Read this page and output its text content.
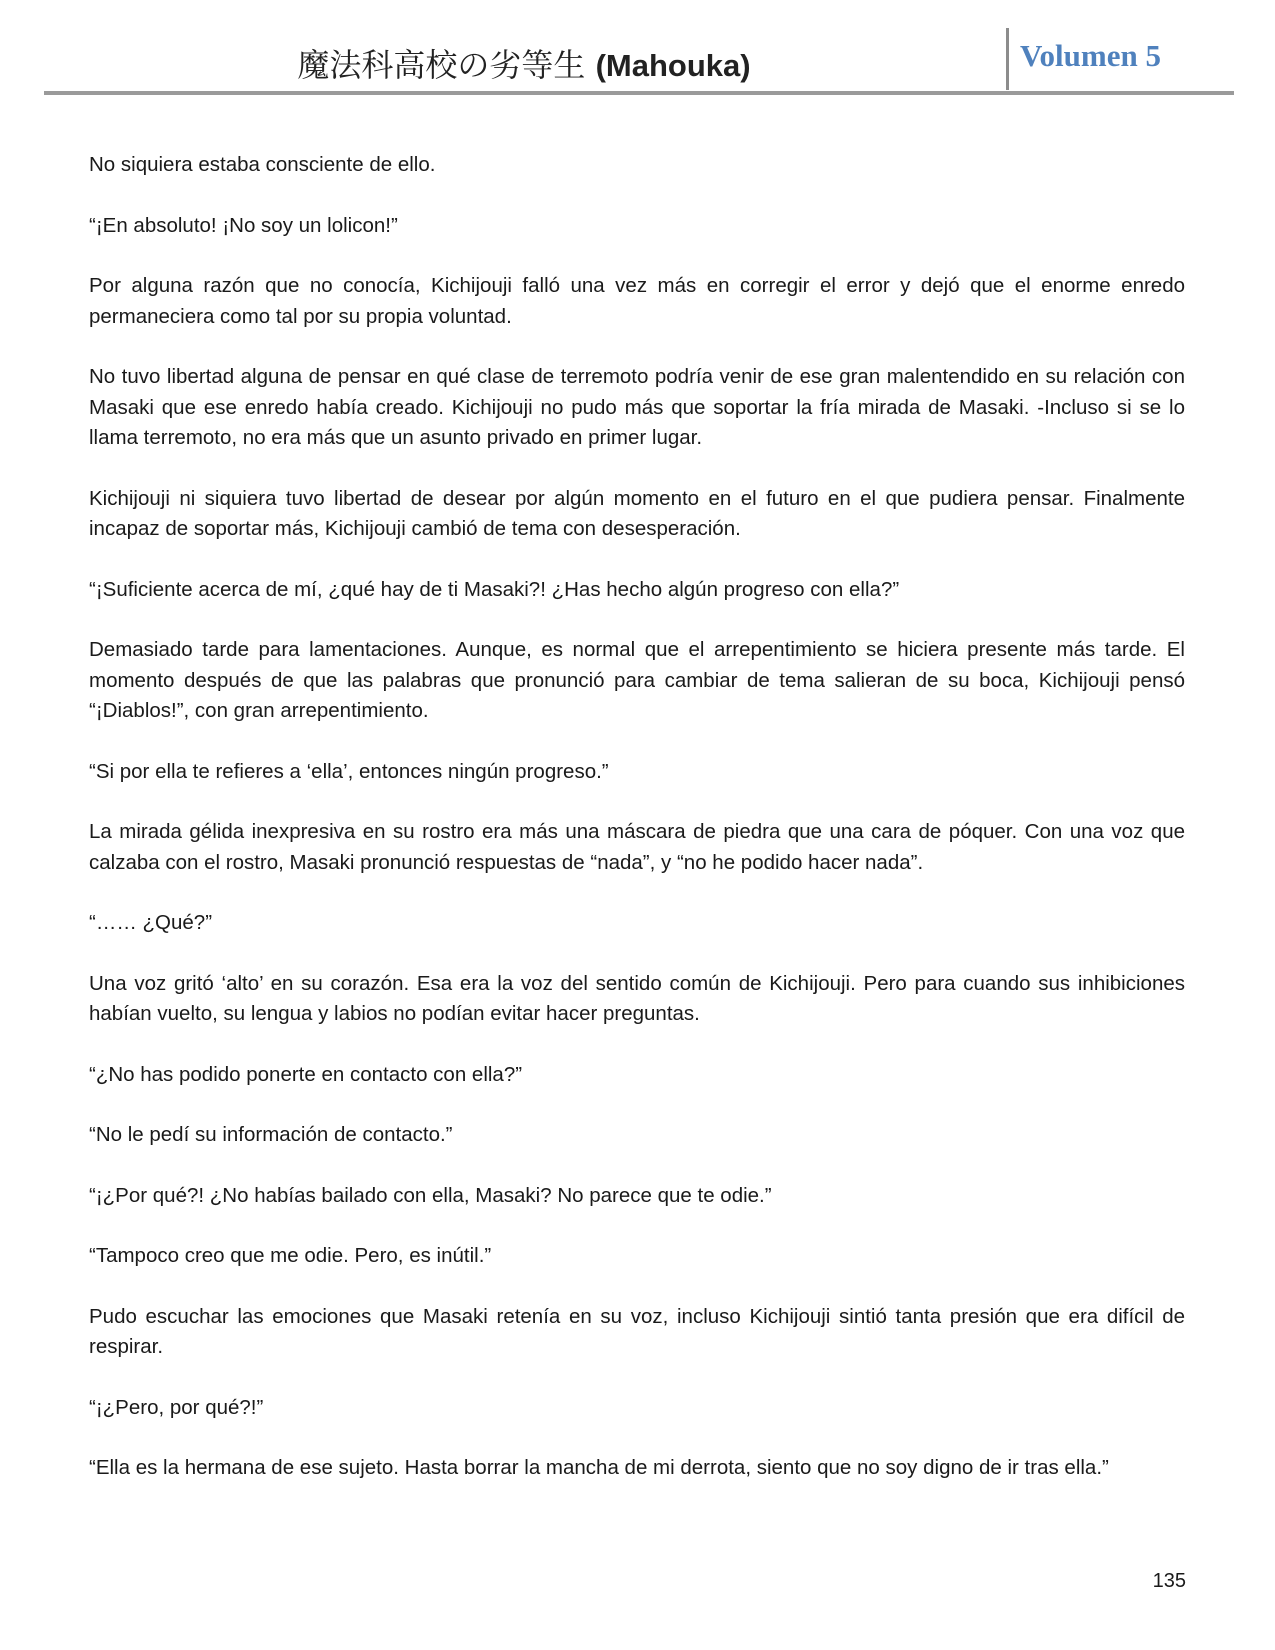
魔法科高校の劣等生 (Mahouka)	Volumen 5

No siquiera estaba consciente de ello.

“¡En absoluto! ¡No soy un lolicon!”

Por alguna razón que no conocía, Kichijouji falló una vez más en corregir el error y dejó que el enorme enredo permaneciera como tal por su propia voluntad.

No tuvo libertad alguna de pensar en qué clase de terremoto podría venir de ese gran malentendido en su relación con Masaki que ese enredo había creado. Kichijouji no pudo más que soportar la fría mirada de Masaki. -Incluso si se lo llama terremoto, no era más que un asunto privado en primer lugar.

Kichijouji ni siquiera tuvo libertad de desear por algún momento en el futuro en el que pudiera pensar. Finalmente incapaz de soportar más, Kichijouji cambió de tema con desesperación.

“¡Suficiente acerca de mí, ¿qué hay de ti Masaki?! ¿Has hecho algún progreso con ella?”

Demasiado tarde para lamentaciones. Aunque, es normal que el arrepentimiento se hiciera presente más tarde. El momento después de que las palabras que pronunció para cambiar de tema salieran de su boca, Kichijouji pensó “¡Diablos!”, con gran arrepentimiento.

“Si por ella te refieres a ‘ella’, entonces ningún progreso.”

La mirada gélida inexpresiva en su rostro era más una máscara de piedra que una cara de póquer. Con una voz que calzaba con el rostro, Masaki pronunció respuestas de “nada”, y “no he podido hacer nada”.

“…… ¿Qué?”

Una voz gritó ‘alto’ en su corazón. Esa era la voz del sentido común de Kichijouji. Pero para cuando sus inhibiciones habían vuelto, su lengua y labios no podían evitar hacer preguntas.

“¿No has podido ponerte en contacto con ella?”

“No le pedí su información de contacto.”

“¡¿Por qué?! ¿No habías bailado con ella, Masaki? No parece que te odie.”

“Tampoco creo que me odie. Pero, es inútil.”

Pudo escuchar las emociones que Masaki retenía en su voz, incluso Kichijouji sintió tanta presión que era difícil de respirar.

“¡¿Pero, por qué?!”

“Ella es la hermana de ese sujeto. Hasta borrar la mancha de mi derrota, siento que no soy digno de ir tras ella.”

135
